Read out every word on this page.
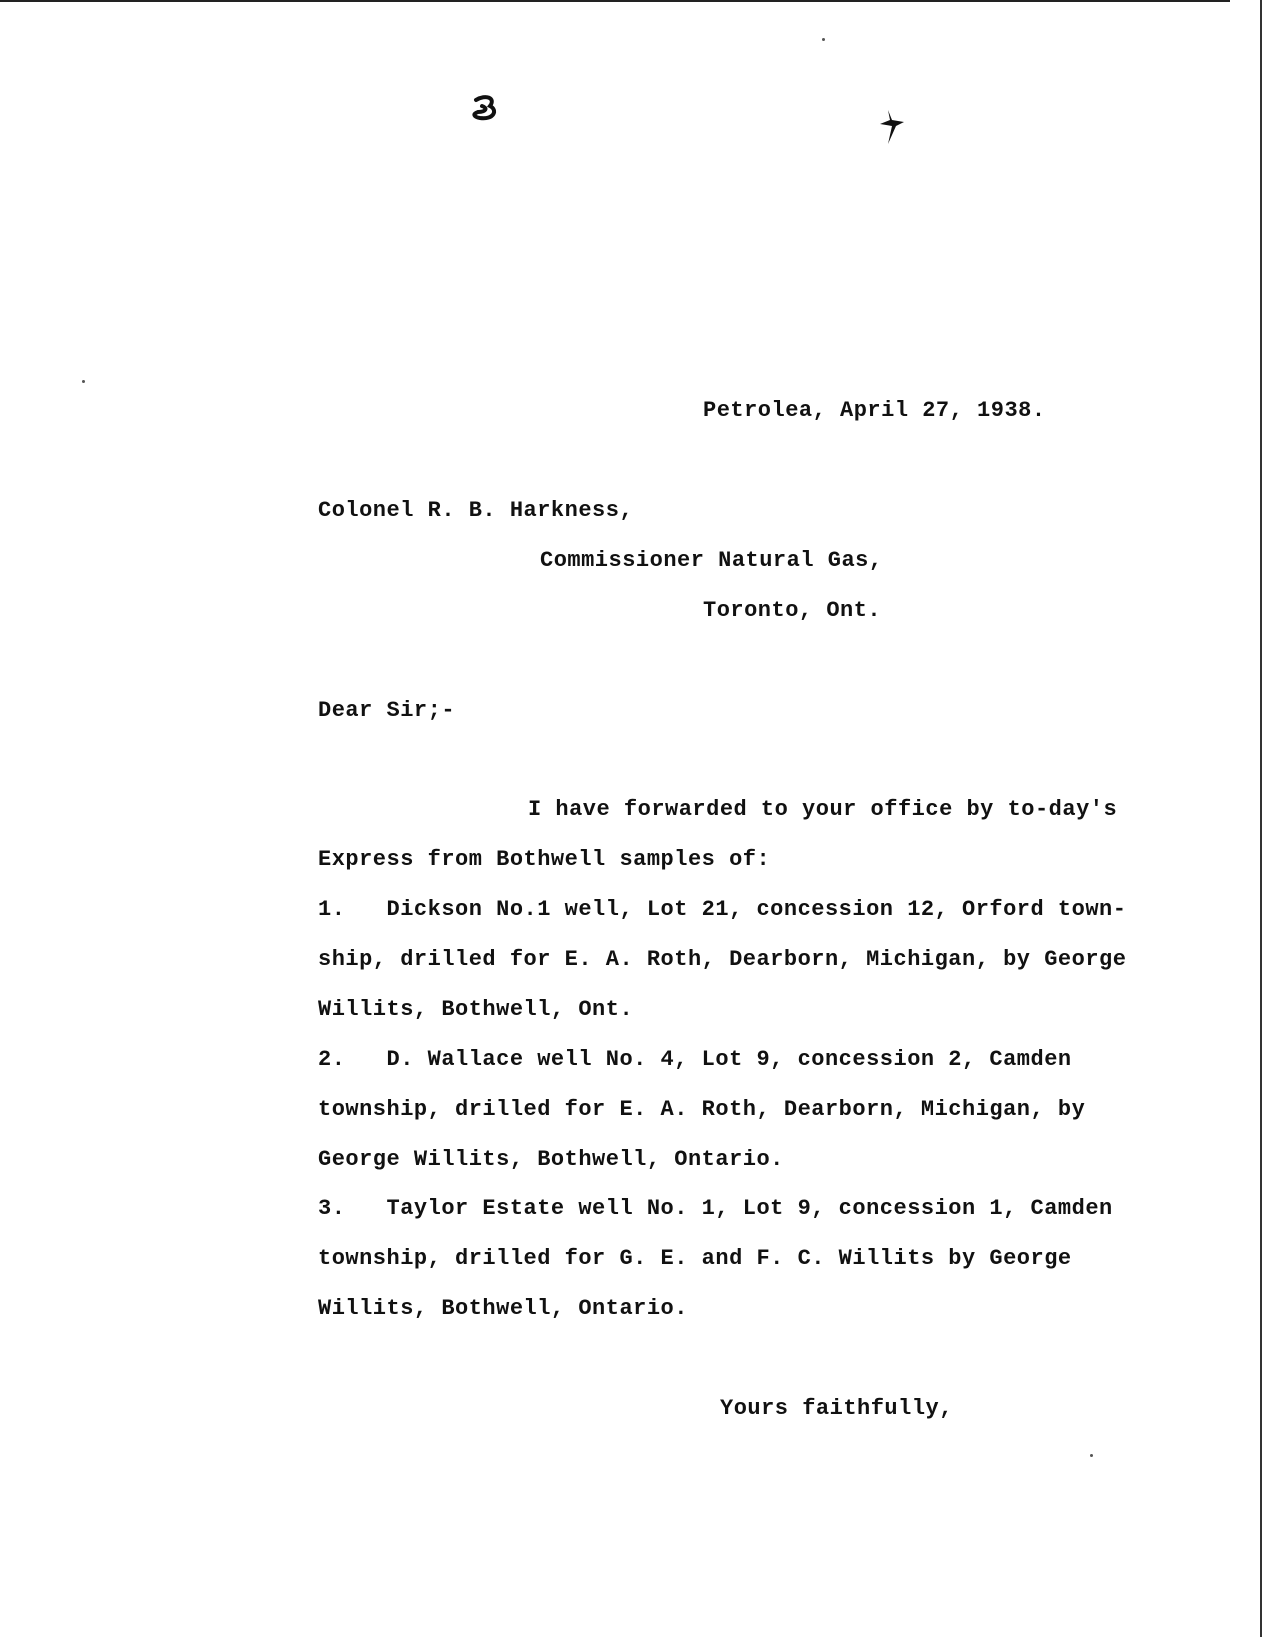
Petrolea, April 27, 1938.
Colonel R. B. Harkness,
Commissioner Natural Gas,
Toronto, Ont.
Dear Sir;-
I have forwarded to your office by to-day's
Express from Bothwell samples of:
1.   Dickson No.1 well, Lot 21, concession 12, Orford town-
ship, drilled for E. A. Roth, Dearborn, Michigan, by George
Willits, Bothwell, Ont.
2.   D. Wallace well No. 4, Lot 9, concession 2, Camden
township, drilled for E. A. Roth, Dearborn, Michigan, by
George Willits, Bothwell, Ontario.
3.   Taylor Estate well No. 1, Lot 9, concession 1, Camden
township, drilled for G. E. and F. C. Willits by George
Willits, Bothwell, Ontario.
Yours faithfully,
